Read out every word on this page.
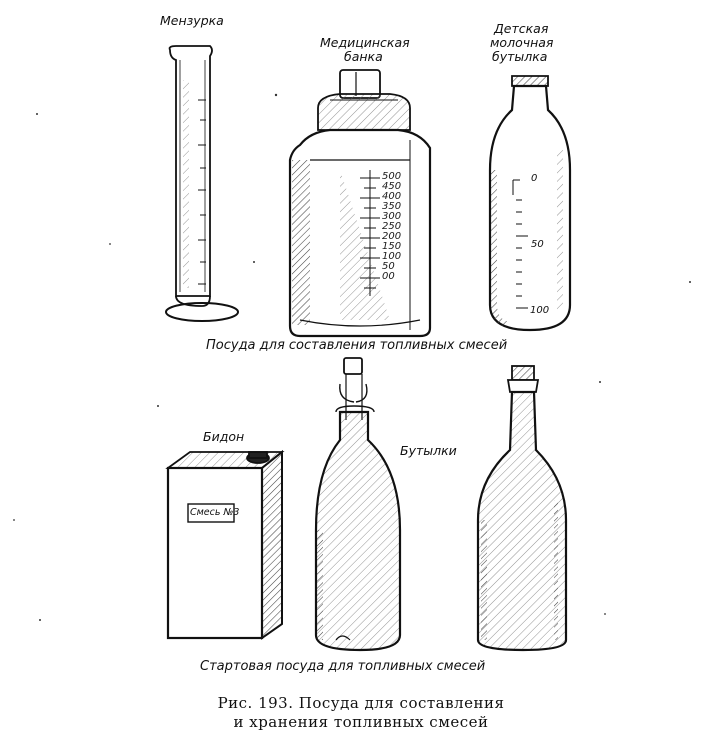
Мензурка
Медицинская
банка
Детская
молочная
бутылка
500
450
400
350
300
250
200
150
100
50
00
0
50
100
Посуда для составления топливных смесей
Бидон
Бутылки
Смесь №3
Стартовая посуда для топливных смесей
Рис. 193. Посуда для составления
и хранения топливных смесей
